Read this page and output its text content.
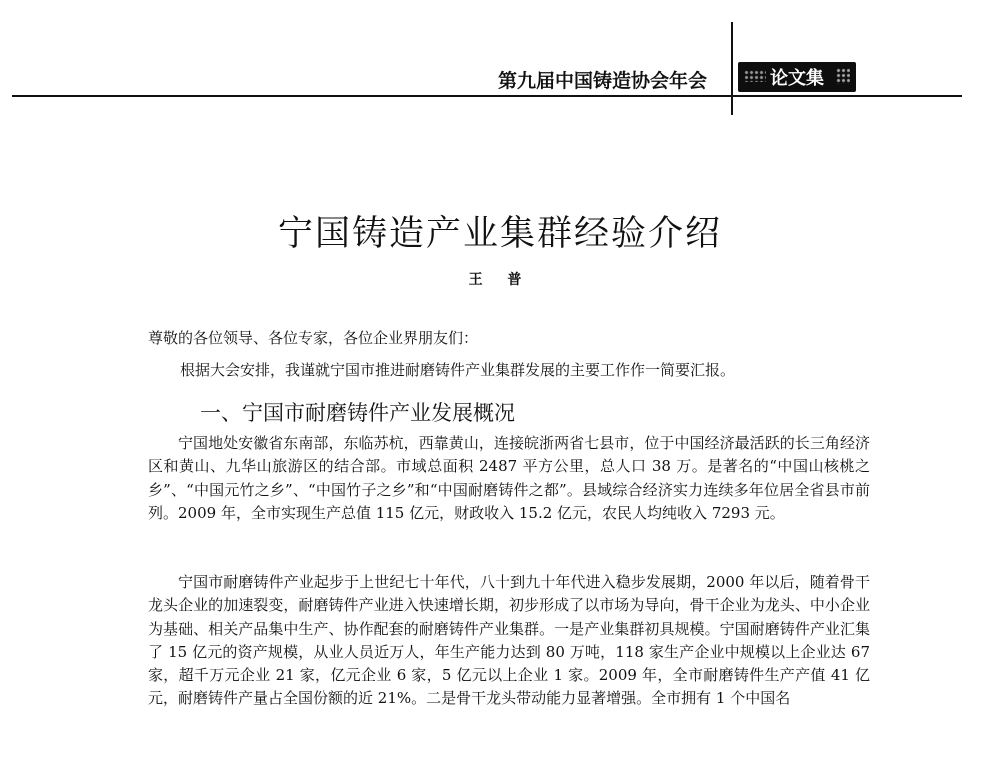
第九届中国铸造协会年会	论文集
宁国铸造产业集群经验介绍
王 普
尊敬的各位领导、各位专家，各位企业界朋友们：
根据大会安排，我谨就宁国市推进耐磨铸件产业集群发展的主要工作作一简要汇报。
一、宁国市耐磨铸件产业发展概况

宁国地处安徽省东南部，东临苏杭，西靠黄山，连接皖浙两省七县市，位于中国经济最活跃的长三角经济区和黄山、九华山旅游区的结合部。市域总面积 2487 平方公里，总人口 38 万。是著名的“中国山核桃之乡”、“中国元竹之乡”、“中国竹子之乡”和“中国耐磨铸件之都”。县域综合经济实力连续多年位居全省县市前列。2009 年，全市实现生产总值 115 亿元，财政收入 15.2 亿元，农民人均纯收入 7293 元。

宁国市耐磨铸件产业起步于上世纪七十年代，八十到九十年代进入稳步发展期，2000 年以后，随着骨干龙头企业的加速裂变，耐磨铸件产业进入快速增长期，初步形成了以市场为导向，骨干企业为龙头、中小企业为基础、相关产品集中生产、协作配套的耐磨铸件产业集群。一是产业集群初具规模。宁国耐磨铸件产业汇集了 15 亿元的资产规模，从业人员近万人，年生产能力达到 80 万吨，118 家生产企业中规模以上企业达 67 家，超千万元企业 21 家，亿元企业 6 家，5 亿元以上企业 1 家。2009 年，全市耐磨铸件生产产值 41 亿元，耐磨铸件产量占全国份额的近 21%。二是骨干龙头带动能力显著增强。全市拥有 1 个中国名
